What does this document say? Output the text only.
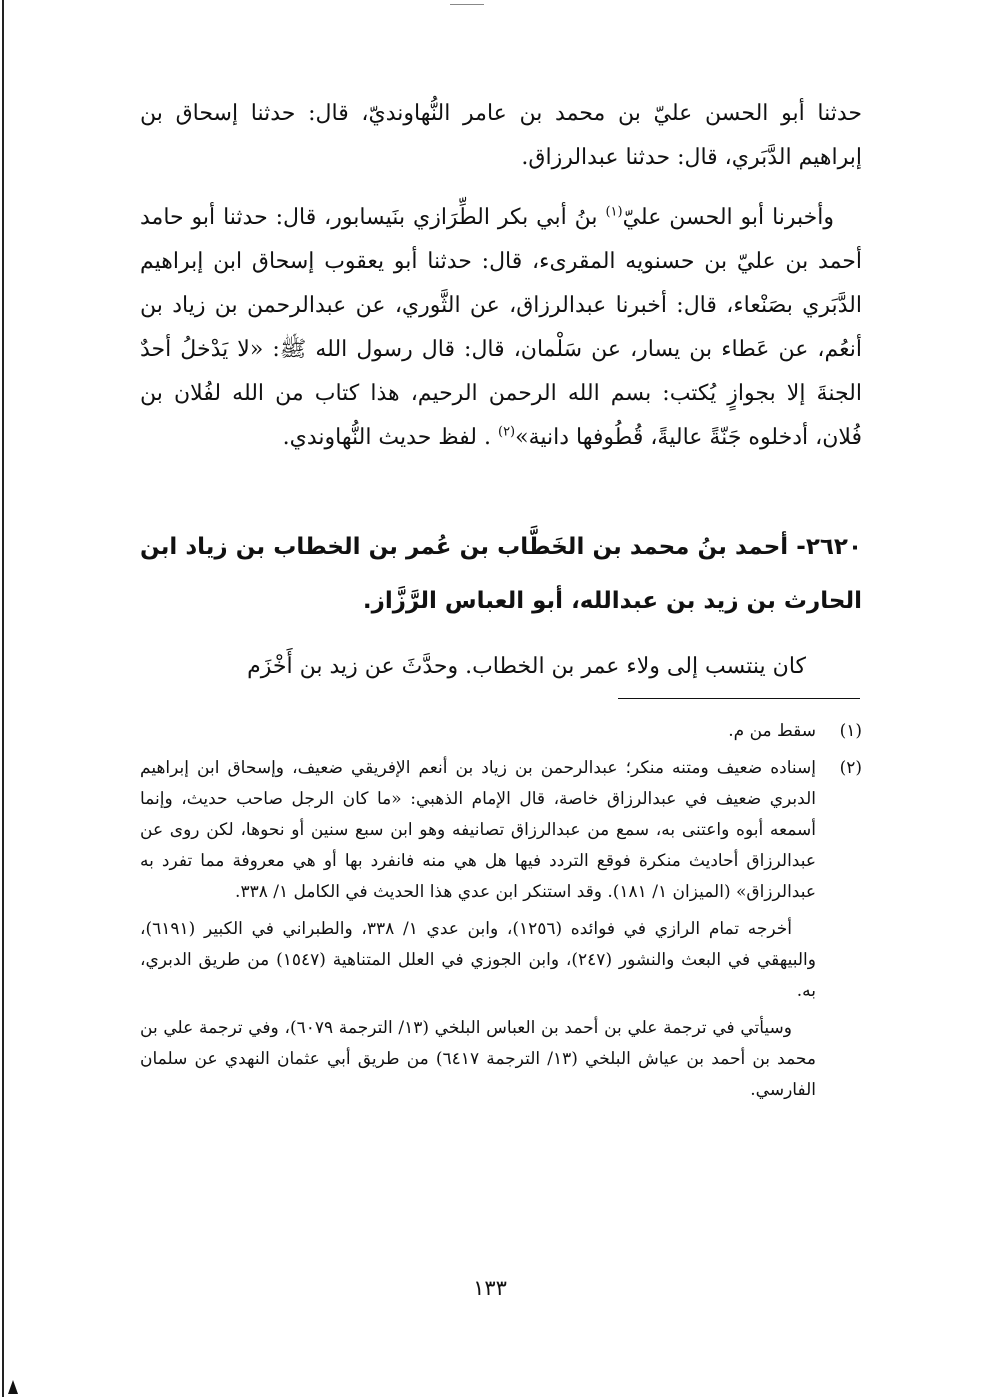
حدثنا أبو الحسن عليّ بن محمد بن عامر النُّهاونديّ، قال: حدثنا إسحاق بن إبراهيم الدَّبَري، قال: حدثنا عبدالرزاق.

وأخبرنا أبو الحسن عليّ$^{(١)}$ بنُ أبي بكر الطِّرَازي بنَيسابور، قال: حدثنا أبو حامد أحمد بن عليّ بن حسنويه المقرىء، قال: حدثنا أبو يعقوب إسحاق ابن إبراهيم الدَّبَري بصَنْعاء، قال: أخبرنا عبدالرزاق، عن الثَّوري، عن عبدالرحمن بن زياد بن أنعُم، عن عَطاء بن يسار، عن سَلْمان، قال: قال رسول الله ﷺ: «لا يَدْخلُ أحدٌ الجنةَ إلا بجوازٍ يُكتب: بسم الله الرحمن الرحيم، هذا كتاب من الله لفُلان بن فُلان، أدخلوه جَنّةً عاليةً، قُطُوفها دانية»$^{(٢)}$ . لفظ حديث النُّهاوندي.

٢٦٢٠- أحمد بنُ محمد بن الخَطَّاب بن عُمر بن الخطاب بن زياد ابن الحارث بن زيد بن عبدالله، أبو العباس الرَّزَّاز.

كان ينتسب إلى ولاء عمر بن الخطاب. وحدَّثَ عن زيد بن أَخْزَم

(١)

سقط من م.

(٢)

إسناده ضعيف ومتنه منكر؛ عبدالرحمن بن زياد بن أنعم الإفريقي ضعيف، وإسحاق ابن إبراهيم الدبري ضعيف في عبدالرزاق خاصة، قال الإمام الذهبي: «ما كان الرجل صاحب حديث، وإنما أسمعه أبوه واعتنى به، سمع من عبدالرزاق تصانيفه وهو ابن سبع سنين أو نحوها، لكن روى عن عبدالرزاق أحاديث منكرة فوقع التردد فيها هل هي منه فانفرد بها أو هي معروفة مما تفرد به عبدالرزاق» (الميزان ١/ ١٨١). وقد استنكر ابن عدي هذا الحديث في الكامل ١/ ٣٣٨.

أخرجه تمام الرازي في فوائده (١٢٥٦)، وابن عدي ١/ ٣٣٨، والطبراني في الكبير (٦١٩١)، والبيهقي في البعث والنشور (٢٤٧)، وابن الجوزي في العلل المتناهية (١٥٤٧) من طريق الدبري، به.

وسيأتي في ترجمة علي بن أحمد بن العباس البلخي (١٣/ الترجمة ٦٠٧٩)، وفي ترجمة علي بن محمد بن أحمد بن عياش البلخي (١٣/ الترجمة ٦٤١٧) من طريق أبي عثمان النهدي عن سلمان الفارسي.

١٣٣
